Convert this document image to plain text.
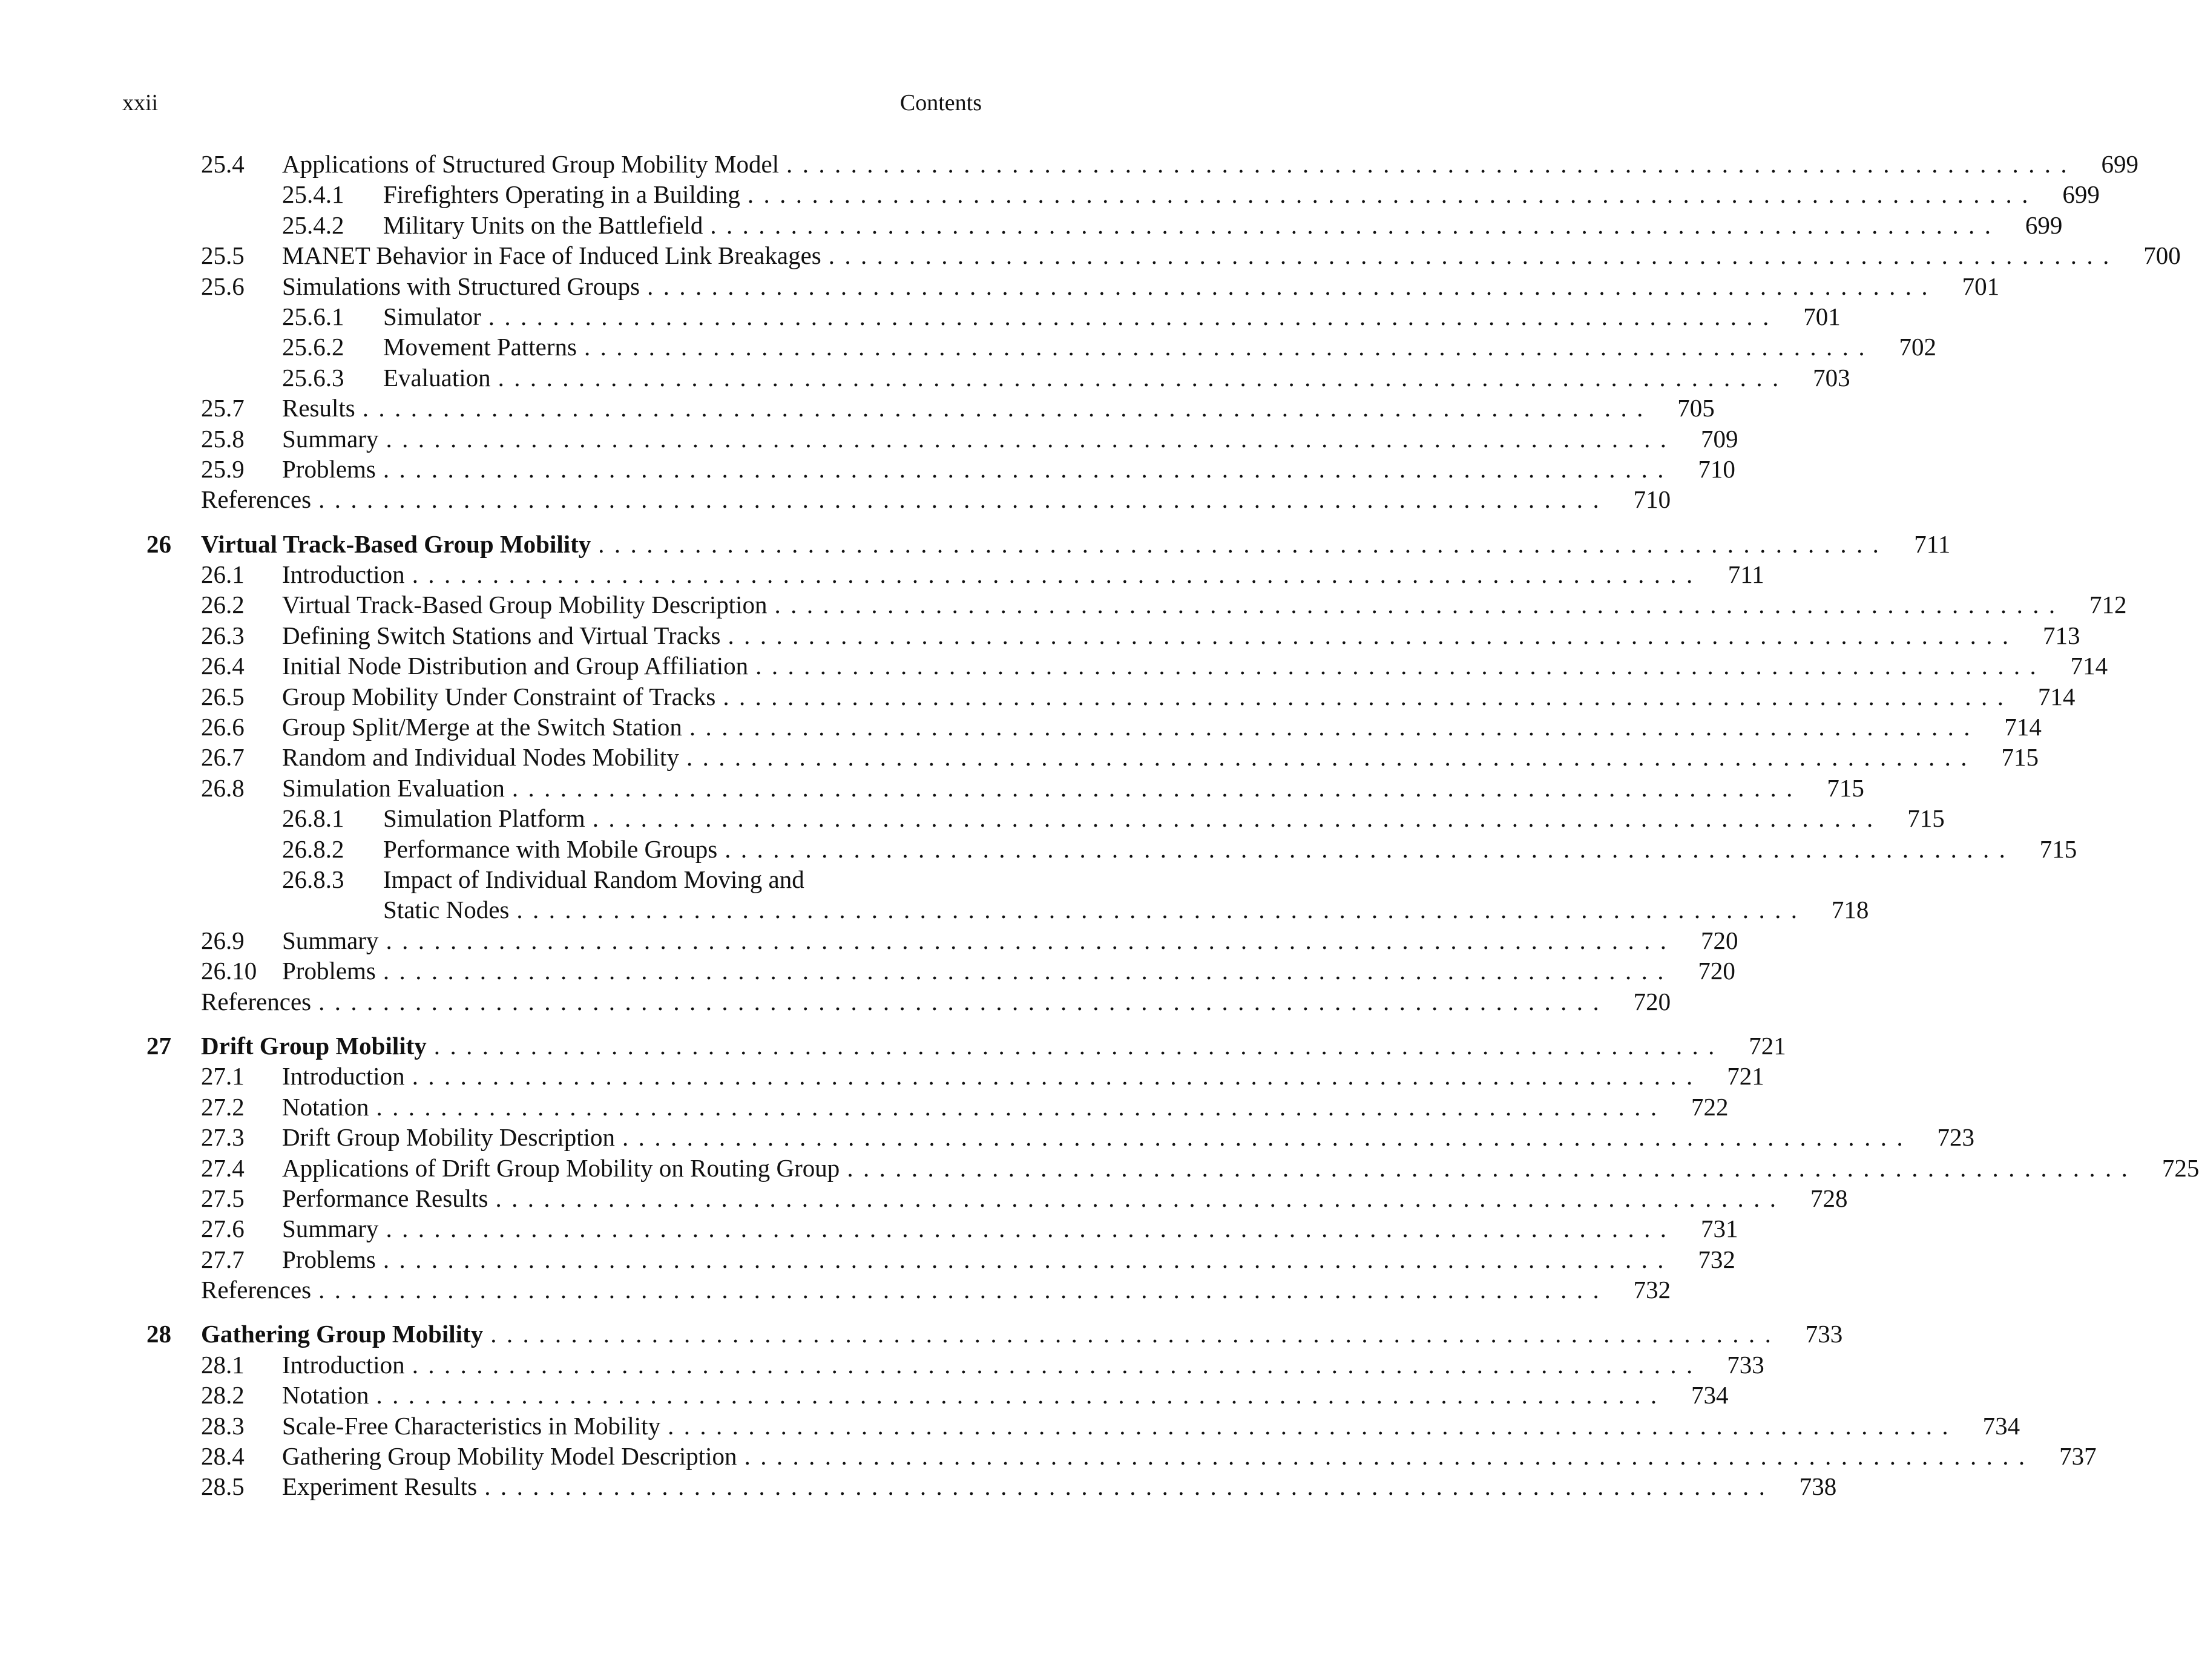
xxii	Contents
25.4 Applications of Structured Group Mobility Model ................................................................................ 699
25.4.1 Firefighters Operating in a Building ................................................................................ 699
25.4.2 Military Units on the Battlefield ................................................................................ 699
25.5 MANET Behavior in Face of Induced Link Breakages ................................................................................ 700
25.6 Simulations with Structured Groups ................................................................................ 701
25.6.1 Simulator ................................................................................ 701
25.6.2 Movement Patterns ................................................................................ 702
25.6.3 Evaluation ................................................................................ 703
25.7 Results ................................................................................ 705
25.8 Summary ................................................................................ 709
25.9 Problems ................................................................................ 710
References ................................................................................ 710
26 Virtual Track-Based Group Mobility ................................................................................	711
26.1 Introduction ................................................................................	711
26.2 Virtual Track-Based Group Mobility Description ................................................................................ 712
26.3 Defining Switch Stations and Virtual Tracks ................................................................................ 713
26.4 Initial Node Distribution and Group Affiliation ................................................................................ 714
26.5 Group Mobility Under Constraint of Tracks ................................................................................ 714
26.6 Group Split/Merge at the Switch Station ................................................................................ 714
26.7 Random and Individual Nodes Mobility ................................................................................ 715
26.8 Simulation Evaluation ................................................................................ 715
26.8.1 Simulation Platform ................................................................................ 715
26.8.2 Performance with Mobile Groups ................................................................................ 715
26.8.3 Impact of Individual Random Moving and
Static Nodes ................................................................................ 718
26.9 Summary ................................................................................ 720
26.10 Problems ................................................................................ 720
References ................................................................................ 720
27 Drift Group Mobility ................................................................................ 721
27.1 Introduction ................................................................................ 721
27.2 Notation ................................................................................ 722
27.3 Drift Group Mobility Description ................................................................................ 723
27.4 Applications of Drift Group Mobility on Routing Group ................................................................................ 725
27.5 Performance Results ................................................................................ 728
27.6 Summary ................................................................................ 731
27.7 Problems ................................................................................ 732
References ................................................................................ 732
28 Gathering Group Mobility ................................................................................ 733
28.1 Introduction ................................................................................ 733
28.2 Notation ................................................................................ 734
28.3 Scale-Free Characteristics in Mobility ................................................................................ 734
28.4 Gathering Group Mobility Model Description ................................................................................ 737
28.5 Experiment Results ................................................................................ 738
